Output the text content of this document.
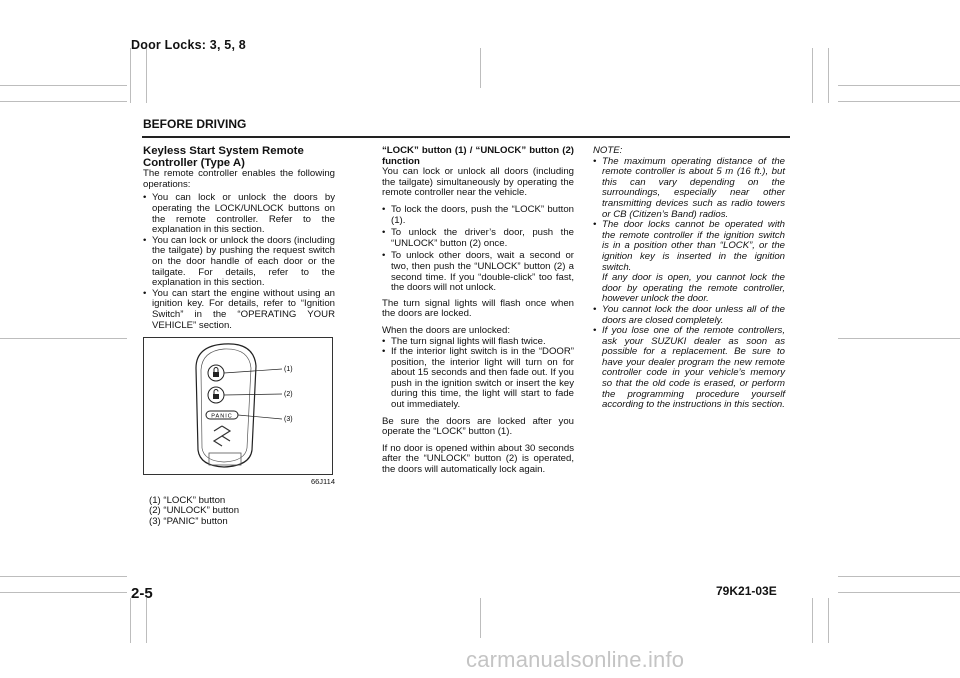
Door Locks: 3, 5, 8
BEFORE DRIVING
Keyless Start System Remote Controller (Type A)

The remote controller enables the following operations:

• You can lock or unlock the doors by operating the LOCK/UNLOCK buttons on the remote controller. Refer to the explanation in this section.
• You can lock or unlock the doors (including the tailgate) by pushing the request switch on the door handle of each door or the tailgate. For details, refer to the explanation in this section.
• You can start the engine without using an ignition key. For details, refer to “Ignition Switch” in the “OPERATING YOUR VEHICLE” section.
PANIC
(1)
(2)
(3)
66J114
(1) “LOCK” button
(2) “UNLOCK” button
(3) “PANIC” button
“LOCK” button (1) / “UNLOCK” button (2) function

You can lock or unlock all doors (including the tailgate) simultaneously by operating the remote controller near the vehicle.

• To lock the doors, push the “LOCK” button (1).
• To unlock the driver’s door, push the “UNLOCK” button (2) once.
• To unlock other doors, wait a second or two, then push the “UNLOCK” button (2) a second time. If you “double-click” too fast, the doors will not unlock.

The turn signal lights will flash once when the doors are locked.

When the doors are unlocked:

• The turn signal lights will flash twice.
• If the interior light switch is in the “DOOR” position, the interior light will turn on for about 15 seconds and then fade out. If you push in the ignition switch or insert the key during this time, the light will start to fade out immediately.

Be sure the doors are locked after you operate the “LOCK” button (1).

If no door is opened within about 30 seconds after the “UNLOCK” button (2) is operated, the doors will automatically lock again.

NOTE:
• The maximum operating distance of the remote controller is about 5 m (16 ft.), but this can vary depending on the surroundings, especially near other transmitting devices such as radio towers or CB (Citizen’s Band) radios.
• The door locks cannot be operated with the remote controller if the ignition switch is in a position other than “LOCK”, or the ignition key is inserted in the ignition switch.
If any door is open, you cannot lock the door by operating the remote controller, however unlock the door.
• You cannot lock the door unless all of the doors are closed completely.
• If you lose one of the remote controllers, ask your SUZUKI dealer as soon as possible for a replacement. Be sure to have your dealer program the new remote controller code in your vehicle’s memory so that the old code is erased, or perform the programming procedure yourself according to the instructions in this section.
2-5	79K21-03E
carmanualsonline.info
